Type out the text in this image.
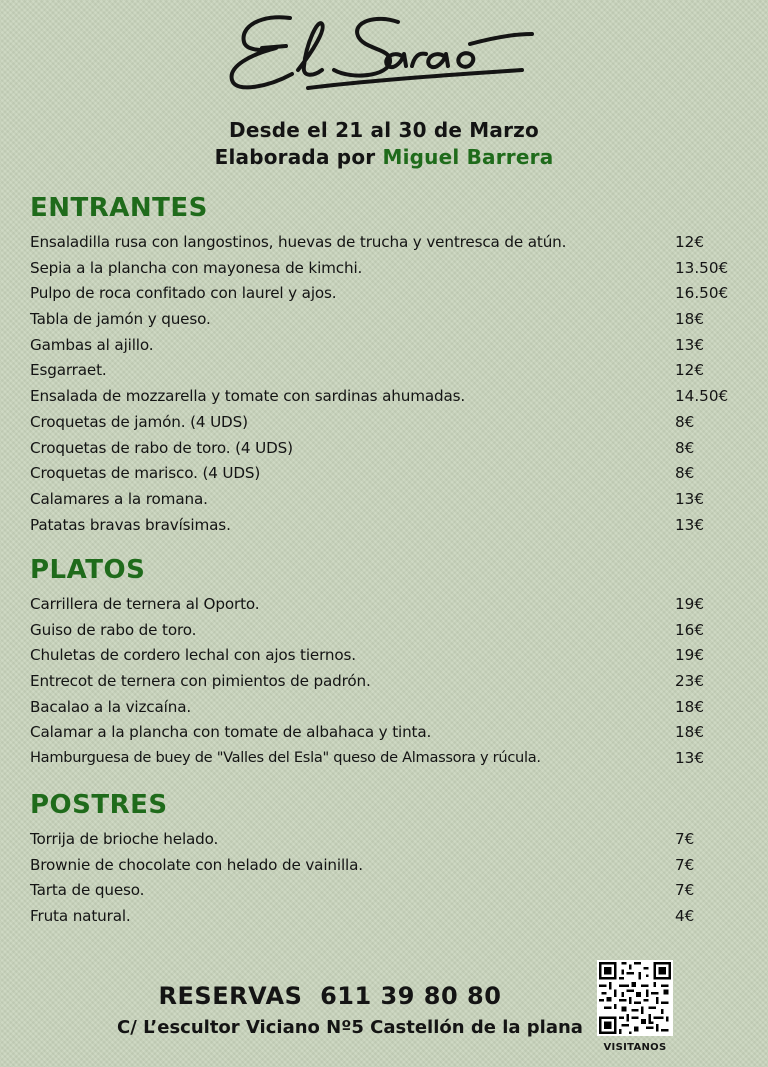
Desde el 21 al 30 de Marzo
Elaborada por Miguel Barrera
ENTRANTES
Ensaladilla rusa con langostinos, huevas de trucha y ventresca de atún.	12€
Sepia a la plancha con mayonesa de kimchi.	13.50€
Pulpo de roca confitado con laurel y ajos.	16.50€
Tabla de jamón y queso.	18€
Gambas al ajillo.	13€
Esgarraet.	12€
Ensalada de mozzarella y tomate con sardinas ahumadas.	14.50€
Croquetas de jamón. (4 UDS)	8€
Croquetas de rabo de toro. (4 UDS)	8€
Croquetas de marisco. (4 UDS)	8€
Calamares a la romana.	13€
Patatas bravas bravísimas.	13€
PLATOS
Carrillera de ternera al Oporto.	19€
Guiso de rabo de toro.	16€
Chuletas de cordero lechal con ajos tiernos.	19€
Entrecot de ternera con pimientos de padrón.	23€
Bacalao a la vizcaína.	18€
Calamar a la plancha con tomate de albahaca y tinta.	18€
Hamburguesa de buey de "Valles del Esla" queso de Almassora y rúcula.	13€
POSTRES
Torrija de brioche helado.	7€
Brownie de chocolate con helado de vainilla.	7€
Tarta de queso.	7€
Fruta natural.	4€
RESERVAS 611 39 80 80
C/ L’escultor Viciano Nº5 Castellón de la plana
VISITANOS
